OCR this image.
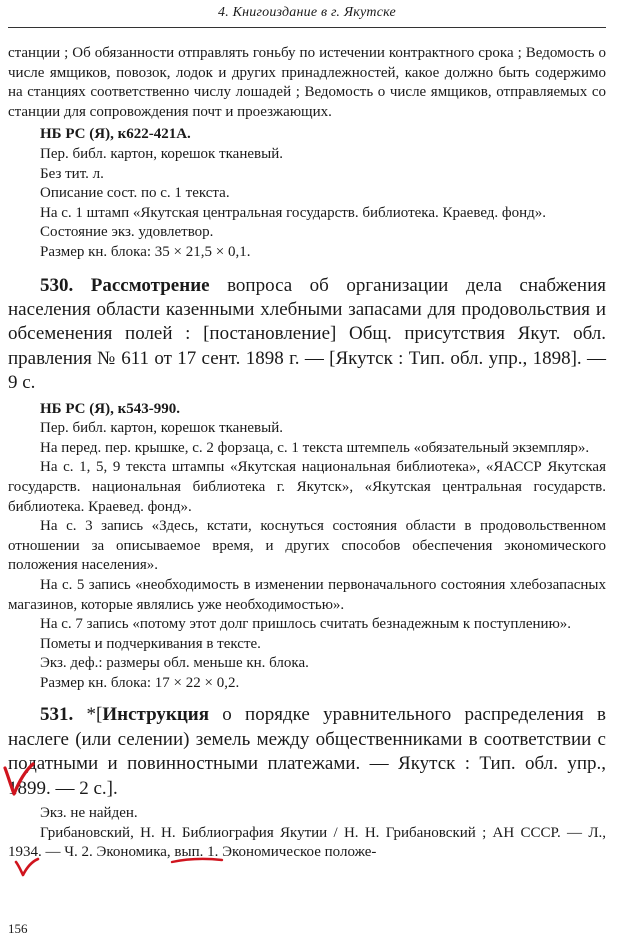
4. Книгоиздание в г. Якутске

станции ; Об обязанности отправлять гоньбу по истечении контрактного срока ; Ведомость о числе ямщиков, повозок, лодок и других принадлежностей, какое должно быть содержимо на станциях соответственно числу лошадей ; Ведомость о числе ямщиков, отправляемых со станции для сопровождения почт и проезжающих.

НБ РС (Я), к622-421А.

Пер. библ. картон, корешок тканевый.

Без тит. л.

Описание сост. по с. 1 текста.

На с. 1 штамп «Якутская центральная государств. библиотека. Краевед. фонд».

Состояние экз. удовлетвор.

Размер кн. блока: 35 × 21,5 × 0,1.

530. Рассмотрение вопроса об организации дела снабжения населения области казенными хлебными запасами для продовольствия и обсеменения полей : [постановление] Общ. присутствия Якут. обл. правления № 611 от 17 сент. 1898 г. — [Якутск : Тип. обл. упр., 1898]. — 9 с.

НБ РС (Я), к543-990.

Пер. библ. картон, корешок тканевый.

На перед. пер. крышке, с. 2 форзаца, с. 1 текста штемпель «обязательный экземпляр».

На с. 1, 5, 9 текста штампы «Якутская национальная библиотека», «ЯАССР Якутская государств. национальная библиотека г. Якутск», «Якутская центральная государств. библиотека. Краевед. фонд».

На с. 3 запись «Здесь, кстати, коснуться состояния области в продовольственном отношении за описываемое время, и других способов обеспечения экономического положения населения».

На с. 5 запись «необходимость в изменении первоначального состояния хлебозапасных магазинов, которые являлись уже необходимостью».

На с. 7 запись «потому этот долг пришлось считать безнадежным к поступлению».

Пометы и подчеркивания в тексте.

Экз. деф.: размеры обл. меньше кн. блока.

Размер кн. блока: 17 × 22 × 0,2.

531. *[Инструкция о порядке уравнительного распределения в наслеге (или селении) земель между общественниками в соответствии с податными и повинностными платежами. — Якутск : Тип. обл. упр., 1899. — 2 с.].

Экз. не найден.

Грибановский, Н. Н. Библиография Якутии / Н. Н. Грибановский ; АН СССР. — Л., 1934. — Ч. 2. Экономика, вып. 1. Экономическое положе-

156
